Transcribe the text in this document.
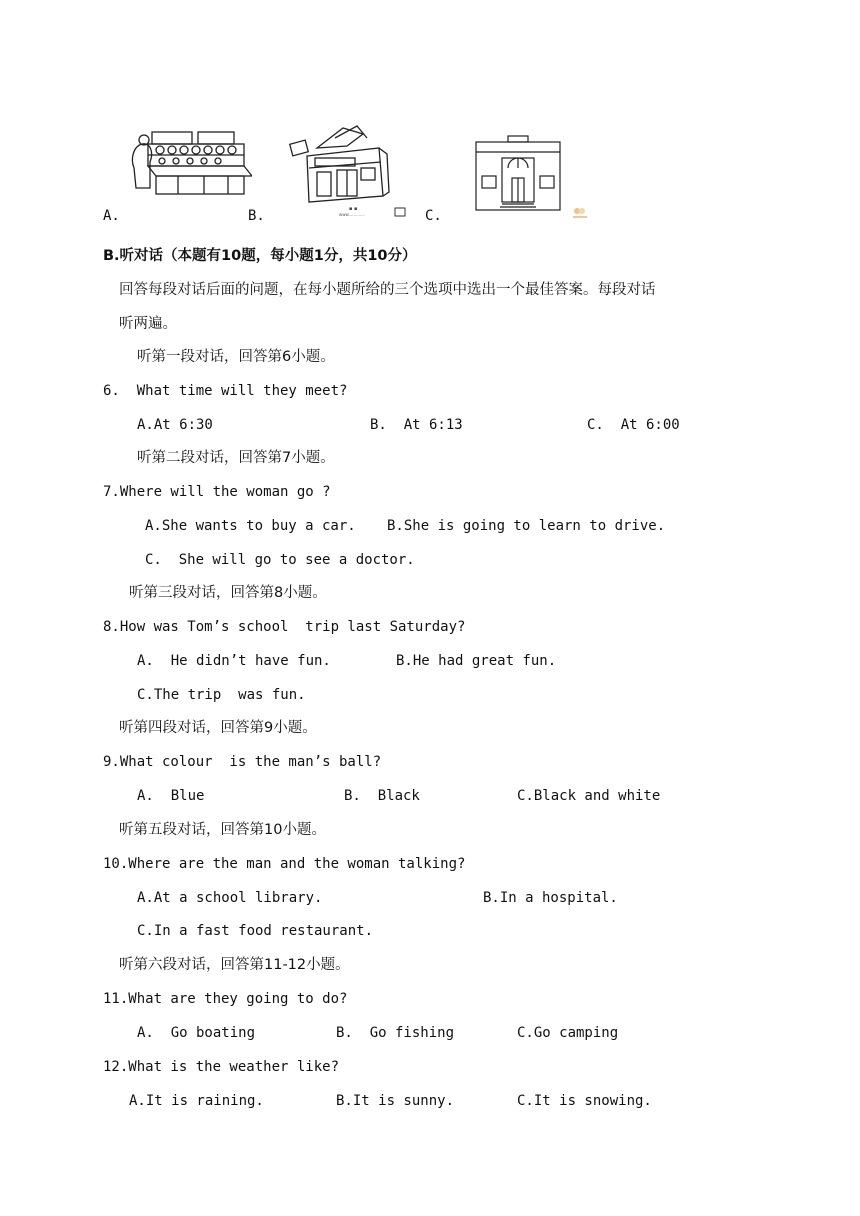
A.	▪ ▪
www.............
B.	C.
B.听对话（本题有10题，每小题1分，共10分）
回答每段对话后面的问题，在每小题所给的三个选项中选出一个最佳答案。每段对话
听两遍。
听第一段对话，回答第6小题。
6.  What time will they meet?
A.At 6:30	B.  At 6:13	C.  At 6:00
听第二段对话，回答第7小题。
7.Where will the woman go ?
A.She wants to buy a car. B.She is going to learn to drive.
C.  She will go to see a doctor.
听第三段对话，回答第8小题。
8.How was Tom’s school  trip last Saturday?
A.  He didn’t have fun.	B.He had great fun.
C.The trip  was fun.
听第四段对话，回答第9小题。
9.What colour  is the man’s ball?
A.  Blue	B.  Black	C.Black and white
听第五段对话，回答第10小题。
10.Where are the man and the woman talking?
A.At a school library.	B.In a hospital.
C.In a fast food restaurant.
听第六段对话，回答第11-12小题。
11.What are they going to do?
A.  Go boating	B.  Go fishing	C.Go camping
12.What is the weather like?
A.It is raining.	B.It is sunny.	C.It is snowing.
